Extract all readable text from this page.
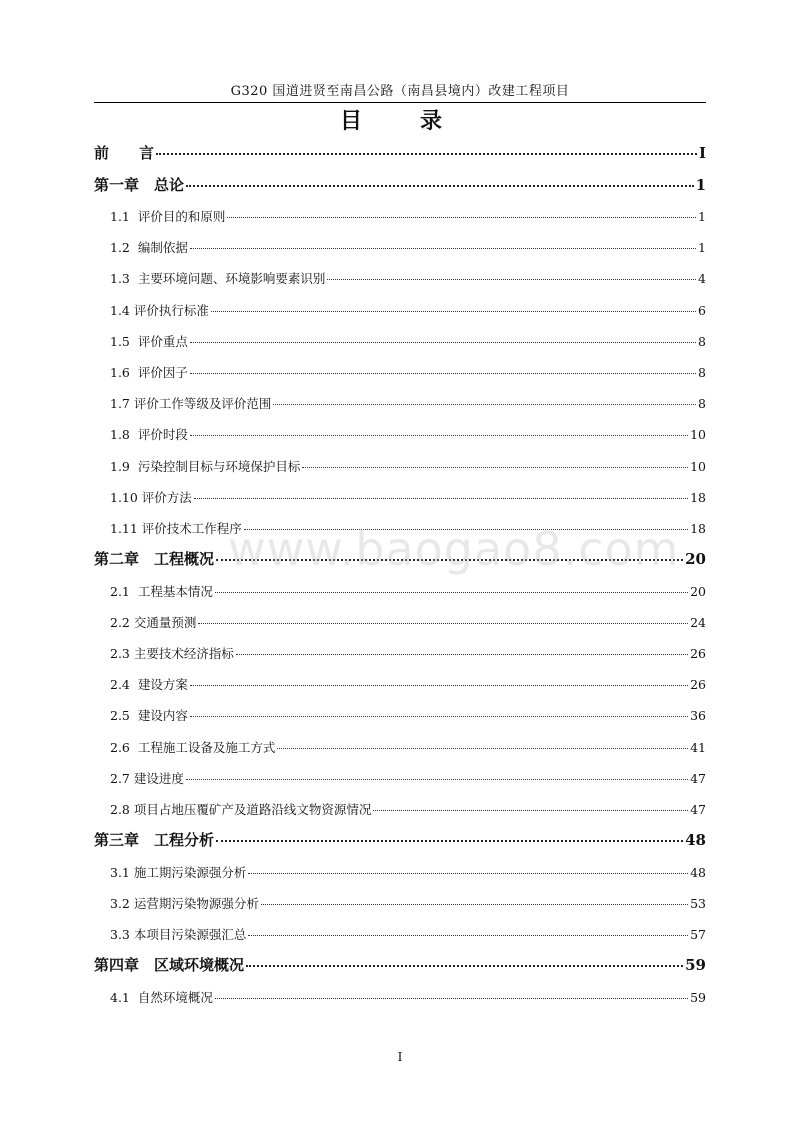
G320 国道进贤至南昌公路（南昌县境内）改建工程项目
目　录
前　　言	I
第一章　总论	1
1.1  评价目的和原则	1
1.2  编制依据	1
1.3  主要环境问题、环境影响要素识别	4
1.4 评价执行标准	6
1.5  评价重点	8
1.6  评价因子	8
1.7 评价工作等级及评价范围	8
1.8  评价时段	10
1.9  污染控制目标与环境保护目标	10
1.10 评价方法	18
1.11 评价技术工作程序	18
第二章　工程概况	20
2.1  工程基本情况	20
2.2 交通量预测	24
2.3 主要技术经济指标	26
2.4  建设方案	26
2.5  建设内容	36
2.6  工程施工设备及施工方式	41
2.7 建设进度	47
2.8 项目占地压覆矿产及道路沿线文物资源情况	47
第三章　工程分析	48
3.1 施工期污染源强分析	48
3.2 运营期污染物源强分析	53
3.3 本项目污染源强汇总	57
第四章　区域环境概况	59
4.1  自然环境概况	59
www.baogao8.com
I
